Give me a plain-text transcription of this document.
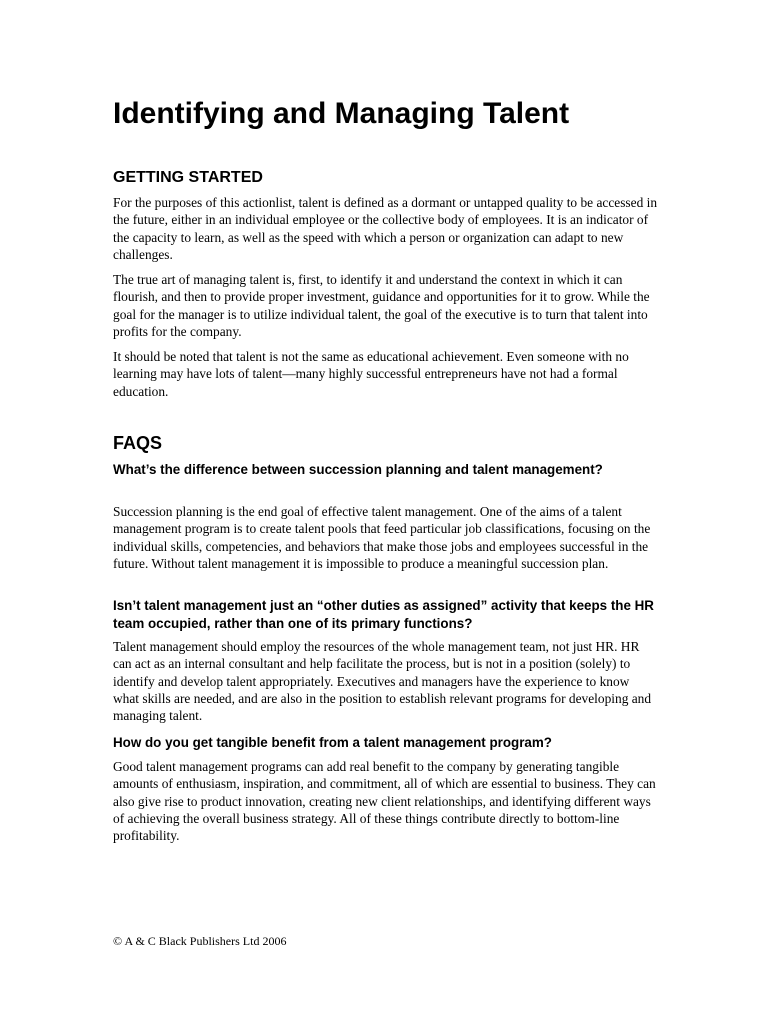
Identifying and Managing Talent
GETTING STARTED

For the purposes of this actionlist, talent is defined as a dormant or untapped quality to be accessed in the future, either in an individual employee or the collective body of employees. It is an indicator of the capacity to learn, as well as the speed with which a person or organization can adapt to new challenges.

The true art of managing talent is, first, to identify it and understand the context in which it can flourish, and then to provide proper investment, guidance and opportunities for it to grow. While the goal for the manager is to utilize individual talent, the goal of the executive is to turn that talent into profits for the company.

It should be noted that talent is not the same as educational achievement. Even someone with no learning may have lots of talent—many highly successful entrepreneurs have not had a formal education.

FAQS
What’s the difference between succession planning and talent management?

Succession planning is the end goal of effective talent management. One of the aims of a talent management program is to create talent pools that feed particular job classifications, focusing on the individual skills, competencies, and behaviors that make those jobs and employees successful in the future. Without talent management it is impossible to produce a meaningful succession plan.

Isn’t talent management just an “other duties as assigned” activity that keeps the HR team occupied, rather than one of its primary functions?

Talent management should employ the resources of the whole management team, not just HR. HR can act as an internal consultant and help facilitate the process, but is not in a position (solely) to identify and develop talent appropriately. Executives and managers have the experience to know what skills are needed, and are also in the position to establish relevant programs for developing and managing talent.

How do you get tangible benefit from a talent management program?

Good talent management programs can add real benefit to the company by generating tangible amounts of enthusiasm, inspiration, and commitment, all of which are essential to business. They can also give rise to product innovation, creating new client relationships, and identifying different ways of achieving the overall business strategy. All of these things contribute directly to bottom-line profitability.

© A & C Black Publishers Ltd 2006
